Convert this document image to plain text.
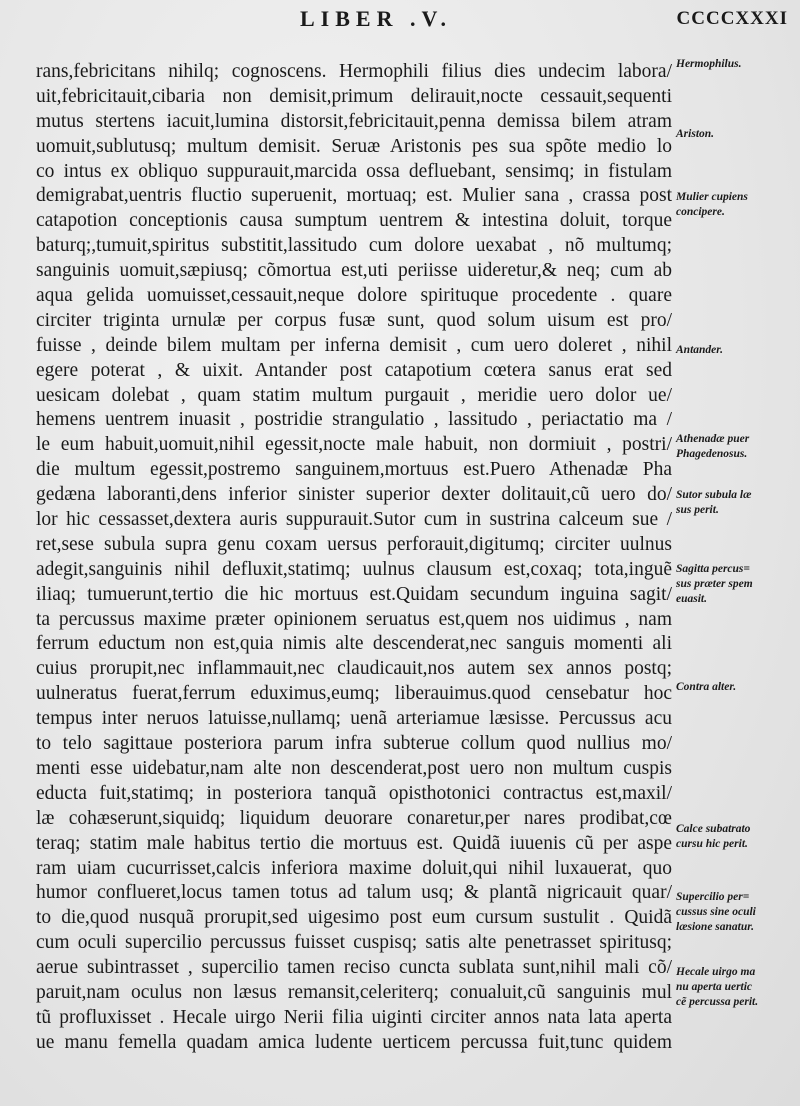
LIBER .V.	CCCCXXXI
rans,febricitans nihilq; cognoscens. Hermophili filius dies undecim labora/
uit,febricitauit,cibaria non demisit,primum delirauit,nocte cessauit,sequenti
mutus stertens iacuit,lumina distorsit,febricitauit,penna demissa bilem atram
uomuit,sublutusq; multum demisit. Seruæ Aristonis pes sua spõte medio lo
co intus ex obliquo suppurauit,marcida ossa defluebant, sensimq; in fistulam
demigrabat,uentris fluctio superuenit, mortuaq; est. Mulier sana , crassa post
catapotion conceptionis causa sumptum uentrem & intestina doluit, torque
baturq;,tumuit,spiritus substitit,lassitudo cum dolore uexabat , nõ multumq;
sanguinis uomuit,sæpiusq; cõmortua est,uti periisse uideretur,& neq; cum ab
aqua gelida uomuisset,cessauit,neque dolore spirituque procedente . quare
circiter triginta urnulæ per corpus fusæ sunt, quod solum uisum est pro/
fuisse , deinde bilem multam per inferna demisit , cum uero doleret , nihil
egere poterat , & uixit. Antander post catapotium cœtera sanus erat sed
uesicam dolebat , quam statim multum purgauit , meridie uero dolor ue/
hemens uentrem inuasit , postridie strangulatio , lassitudo , periactatio ma /
le eum habuit,uomuit,nihil egessit,nocte male habuit, non dormiuit , postri/
die multum egessit,postremo sanguinem,mortuus est.Puero Athenadæ Pha
gedæna laboranti,dens inferior sinister superior dexter dolitauit,cũ uero do/
lor hic cessasset,dextera auris suppurauit.Sutor cum in sustrina calceum sue /
ret,sese subula supra genu coxam uersus perforauit,digitumq; circiter uulnus
adegit,sanguinis nihil defluxit,statimq; uulnus clausum est,coxaq; tota,inguẽ
iliaq; tumuerunt,tertio die hic mortuus est.Quidam secundum inguina sagit/
ta percussus maxime præter opinionem seruatus est,quem nos uidimus , nam
ferrum eductum non est,quia nimis alte descenderat,nec sanguis momenti ali
cuius prorupit,nec inflammauit,nec claudicauit,nos autem sex annos postq;
uulneratus fuerat,ferrum eduximus,eumq; liberauimus.quod censebatur hoc
tempus inter neruos latuisse,nullamq; uenã arteriamue læsisse. Percussus acu
to telo sagittaue posteriora parum infra subterue collum quod nullius mo/
menti esse uidebatur,nam alte non descenderat,post uero non multum cuspis
educta fuit,statimq; in posteriora tanquã opisthotonici contractus est,maxil/
læ cohæserunt,siquidq; liquidum deuorare conaretur,per nares prodibat,cœ
teraq; statim male habitus tertio die mortuus est. Quidã iuuenis cũ per aspe
ram uiam cucurrisset,calcis inferiora maxime doluit,qui nihil luxauerat, quo
humor conflueret,locus tamen totus ad talum usq; & plantã nigricauit quar/
to die,quod nusquã prorupit,sed uigesimo post eum cursum sustulit . Quidã
cum oculi supercilio percussus fuisset cuspisq; satis alte penetrasset spiritusq;
aerue subintrasset , supercilio tamen reciso cuncta sublata sunt,nihil mali cõ/
paruit,nam oculus non læsus remansit,celeriterq; conualuit,cũ sanguinis mul
tũ profluxisset . Hecale uirgo Nerii filia uiginti circiter annos nata lata aperta
ue manu femella quadam amica ludente uerticem percussa fuit,tunc quidem
Hermophilus.
Ariston.
Mulier cupiens
concipere.
Antander.
Athenadæ puer
Phagedenosus.
Sutor subula læ
sus perit.
Sagitta percus=
sus præter spem
euasit.
Contra alter.
Calce subatrato
cursu hic perit.
Supercilio per=
cussus sine oculi
læsione sanatur.
Hecale uirgo ma
nu aperta uertic
cẽ percussa perit.
